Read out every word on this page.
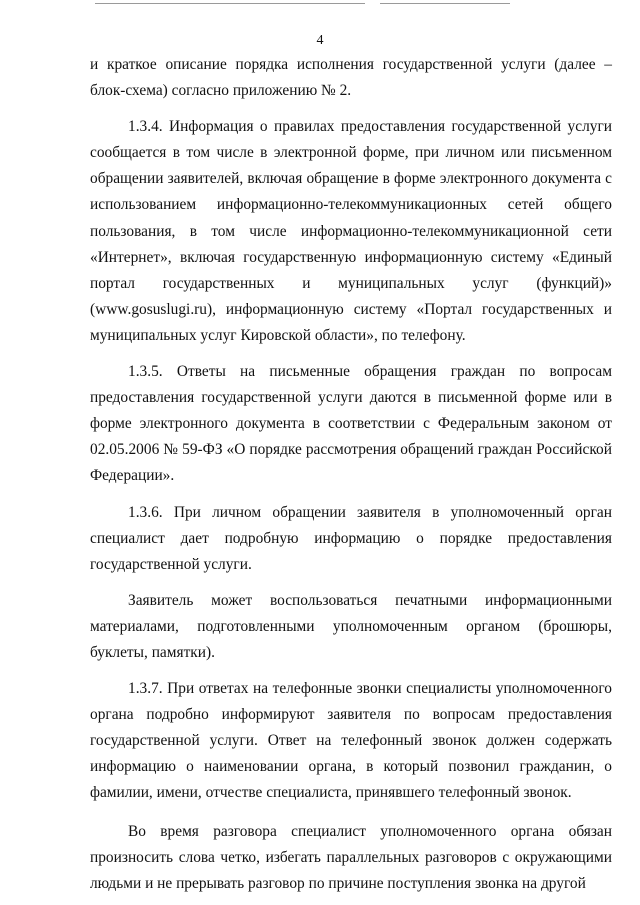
4

и краткое описание порядка исполнения государственной услуги (далее – блок-схема) согласно приложению № 2.

1.3.4. Информация о правилах предоставления государственной услуги сообщается в том числе в электронной форме, при личном или письменном обращении заявителей, включая обращение в форме электронного документа с использованием информационно-телекоммуникационных сетей общего пользования, в том числе информационно-телекоммуникационной сети «Интернет», включая государственную информационную систему «Единый портал государственных и муниципальных услуг (функций)» (www.gosuslugi.ru), информационную систему «Портал государственных и муниципальных услуг Кировской области», по телефону.

1.3.5. Ответы на письменные обращения граждан по вопросам предоставления государственной услуги даются в письменной форме или в форме электронного документа в соответствии с Федеральным законом от 02.05.2006 № 59-ФЗ «О порядке рассмотрения обращений граждан Российской Федерации».

1.3.6. При личном обращении заявителя в уполномоченный орган специалист дает подробную информацию о порядке предоставления государственной услуги.

Заявитель может воспользоваться печатными информационными материалами, подготовленными уполномоченным органом (брошюры, буклеты, памятки).

1.3.7. При ответах на телефонные звонки специалисты уполномоченного органа подробно информируют заявителя по вопросам предоставления государственной услуги. Ответ на телефонный звонок должен содержать информацию о наименовании органа, в который позвонил гражданин, о фамилии, имени, отчестве специалиста, принявшего телефонный звонок.

Во время разговора специалист уполномоченного органа обязан произносить слова четко, избегать параллельных разговоров с окружающими людьми и не прерывать разговор по причине поступления звонка на другой
